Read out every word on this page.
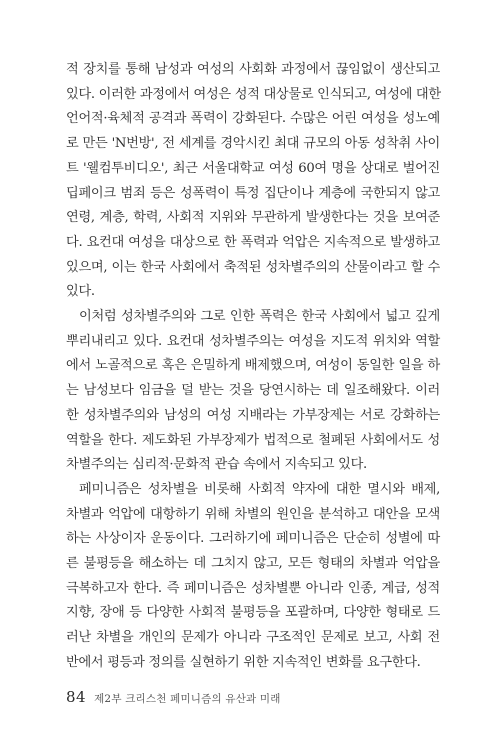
적 장치를 통해 남성과 여성의 사회화 과정에서 끊임없이 생산되고
있다. 이러한 과정에서 여성은 성적 대상물로 인식되고, 여성에 대한
언어적·육체적 공격과 폭력이 강화된다. 수많은 어린 여성을 성노예
로 만든 'N번방', 전 세계를 경악시킨 최대 규모의 아동 성착취 사이
트 '웰컴투비디오', 최근 서울대학교 여성 60여 명을 상대로 벌어진
딥페이크 범죄 등은 성폭력이 특정 집단이나 계층에 국한되지 않고
연령, 계층, 학력, 사회적 지위와 무관하게 발생한다는 것을 보여준
다. 요컨대 여성을 대상으로 한 폭력과 억압은 지속적으로 발생하고
있으며, 이는 한국 사회에서 축적된 성차별주의의 산물이라고 할 수
있다.

이처럼 성차별주의와 그로 인한 폭력은 한국 사회에서 넓고 깊게
뿌리내리고 있다. 요컨대 성차별주의는 여성을 지도적 위치와 역할
에서 노골적으로 혹은 은밀하게 배제했으며, 여성이 동일한 일을 하
는 남성보다 임금을 덜 받는 것을 당연시하는 데 일조해왔다. 이러
한 성차별주의와 남성의 여성 지배라는 가부장제는 서로 강화하는
역할을 한다. 제도화된 가부장제가 법적으로 철폐된 사회에서도 성
차별주의는 심리적·문화적 관습 속에서 지속되고 있다.

페미니즘은 성차별을 비롯해 사회적 약자에 대한 멸시와 배제,
차별과 억압에 대항하기 위해 차별의 원인을 분석하고 대안을 모색
하는 사상이자 운동이다. 그러하기에 페미니즘은 단순히 성별에 따
른 불평등을 해소하는 데 그치지 않고, 모든 형태의 차별과 억압을
극복하고자 한다. 즉 페미니즘은 성차별뿐 아니라 인종, 계급, 성적
지향, 장애 등 다양한 사회적 불평등을 포괄하며, 다양한 형태로 드
러난 차별을 개인의 문제가 아니라 구조적인 문제로 보고, 사회 전
반에서 평등과 정의를 실현하기 위한 지속적인 변화를 요구한다.

84 제2부 크리스천 페미니즘의 유산과 미래
